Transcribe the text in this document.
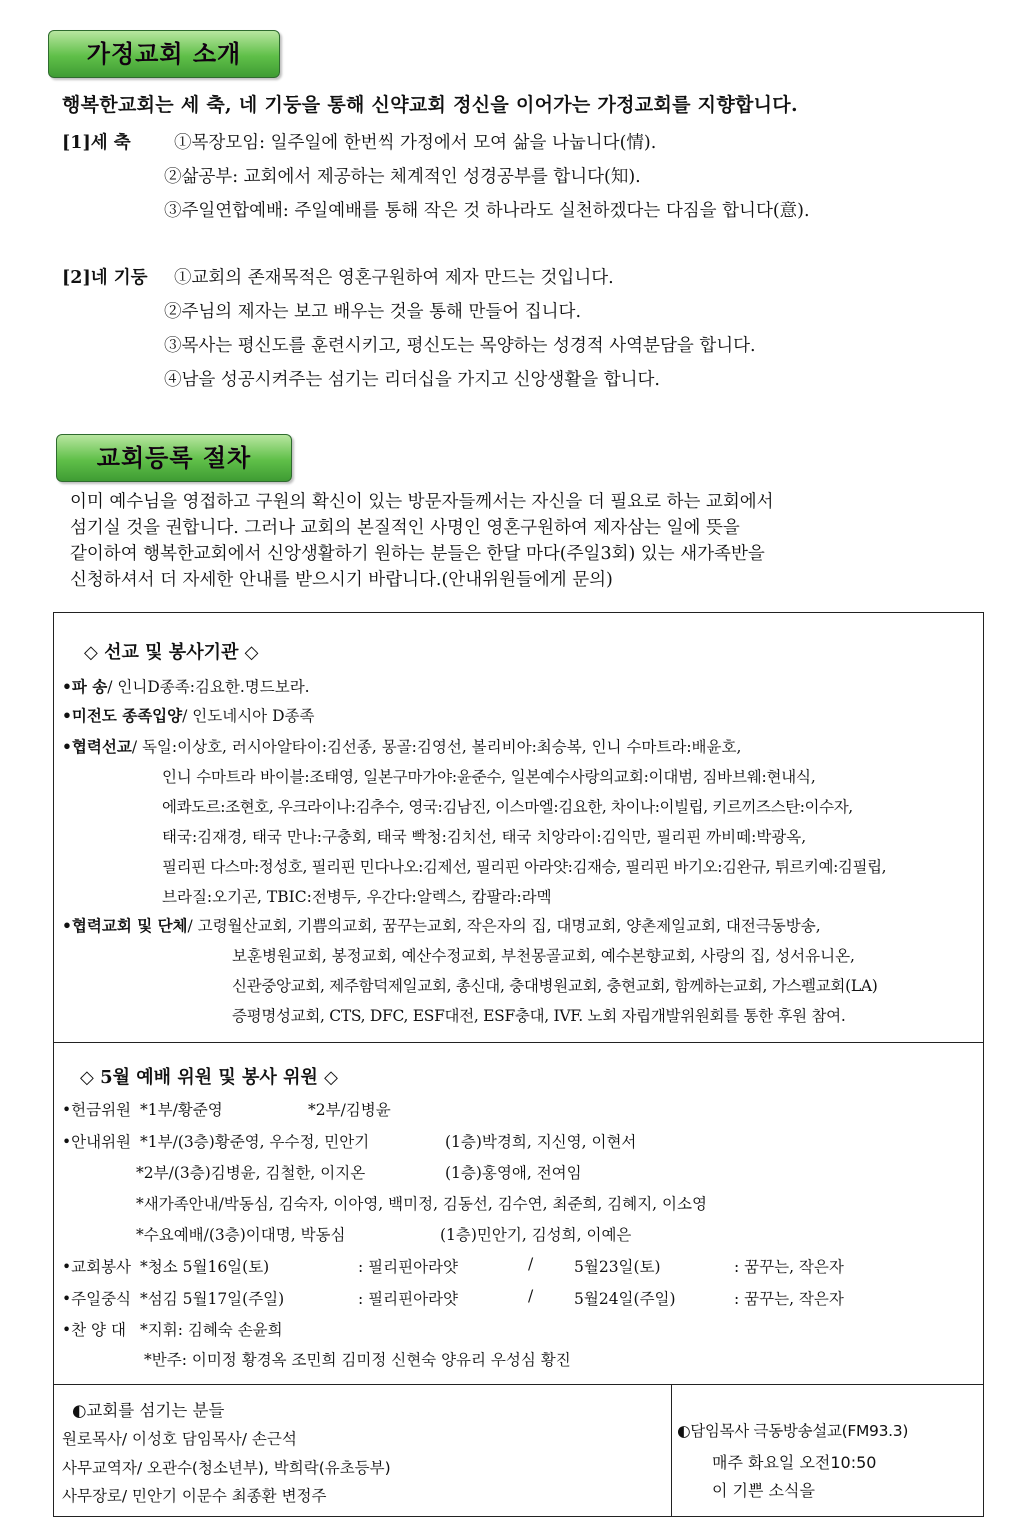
가정교회 소개
행복한교회는 세 축, 네 기둥을 통해 신약교회 정신을 이어가는 가정교회를 지향합니다.
[1]세 축 ①목장모임: 일주일에 한번씩 가정에서 모여 삶을 나눕니다(情).
②삶공부: 교회에서 제공하는 체계적인 성경공부를 합니다(知).
③주일연합예배: 주일예배를 통해 작은 것 하나라도 실천하겠다는 다짐을 합니다(意).
[2]네 기둥 ①교회의 존재목적은 영혼구원하여 제자 만드는 것입니다.
②주님의 제자는 보고 배우는 것을 통해 만들어 집니다.
③목사는 평신도를 훈련시키고, 평신도는 목양하는 성경적 사역분담을 합니다.
④남을 성공시켜주는 섬기는 리더십을 가지고 신앙생활을 합니다.
교회등록 절차
이미 예수님을 영접하고 구원의 확신이 있는 방문자들께서는 자신을 더 필요로 하는 교회에서
섬기실 것을 권합니다. 그러나 교회의 본질적인 사명인 영혼구원하여 제자삼는 일에 뜻을
같이하여 행복한교회에서 신앙생활하기 원하는 분들은 한달 마다(주일3회) 있는 새가족반을
신청하셔서 더 자세한 안내를 받으시기 바랍니다.(안내위원들에게 문의)
◇ 선교 및 봉사기관 ◇
•파 송/ 인니D종족:김요한.명드보라.
•미전도 종족입양/ 인도네시아 D종족
•협력선교/ 독일:이상호, 러시아알타이:김선종, 몽골:김영선, 볼리비아:최승복, 인니 수마트라:배윤호,
인니 수마트라 바이블:조태영, 일본구마가야:윤준수, 일본예수사랑의교회:이대범, 짐바브웨:현내식,
에콰도르:조현호, 우크라이나:김추수, 영국:김남진, 이스마엘:김요한, 차이나:이빌립, 키르끼즈스탄:이수자,
태국:김재경, 태국 만나:구충회, 태국 빡청:김치선, 태국 치앙라이:김익만, 필리핀 까비떼:박광옥,
필리핀 다스마:정성호, 필리핀 민다나오:김제선, 필리핀 아라얏:김재승, 필리핀 바기오:김완규, 튀르키예:김필립,
브라질:오기곤, TBIC:전병두, 우간다:알렉스, 캄팔라:라멕
•협력교회 및 단체/ 고령월산교회, 기쁨의교회, 꿈꾸는교회, 작은자의 집, 대명교회, 양촌제일교회, 대전극동방송,
보훈병원교회, 봉정교회, 예산수정교회, 부천몽골교회, 예수본향교회, 사랑의 집, 성서유니온,
신관중앙교회, 제주함덕제일교회, 총신대, 충대병원교회, 충현교회, 함께하는교회, 가스펠교회(LA)
증평명성교회, CTS, DFC, ESF대전, ESF충대, IVF. 노회 자립개발위원회를 통한 후원 참여.
◇ 5월 예배 위원 및 봉사 위원 ◇
•헌금위원 *1부/황준영	*2부/김병윤
•안내위원 *1부/(3층)황준영, 우수정, 민안기	(1층)박경희, 지신영, 이현서
*2부/(3층)김병윤, 김철한, 이지온	(1층)홍영애, 전여임
*새가족안내/박동심, 김숙자, 이아영, 백미정, 김동선, 김수연, 최준희, 김혜지, 이소영
*수요예배/(3층)이대명, 박동심	(1층)민안기, 김성희, 이예은
•교회봉사 *청소 5월16일(토)	: 필리핀아라얏	/	5월23일(토)	: 꿈꾸는, 작은자
•주일중식 *섬김 5월17일(주일)	: 필리핀아라얏	/	5월24일(주일)	: 꿈꾸는, 작은자
•찬 양 대 *지휘: 김혜숙 손윤희
*반주: 이미정 황경옥 조민희 김미정 신현숙 양유리 우성심 황진
◐교회를 섬기는 분들
원로목사/ 이성호 담임목사/ 손근석
사무교역자/ 오관수(청소년부), 박희락(유초등부)
사무장로/ 민안기 이문수 최종환 변정주
◐담임목사 극동방송설교(FM93.3)
매주 화요일 오전10:50
이 기쁜 소식을
